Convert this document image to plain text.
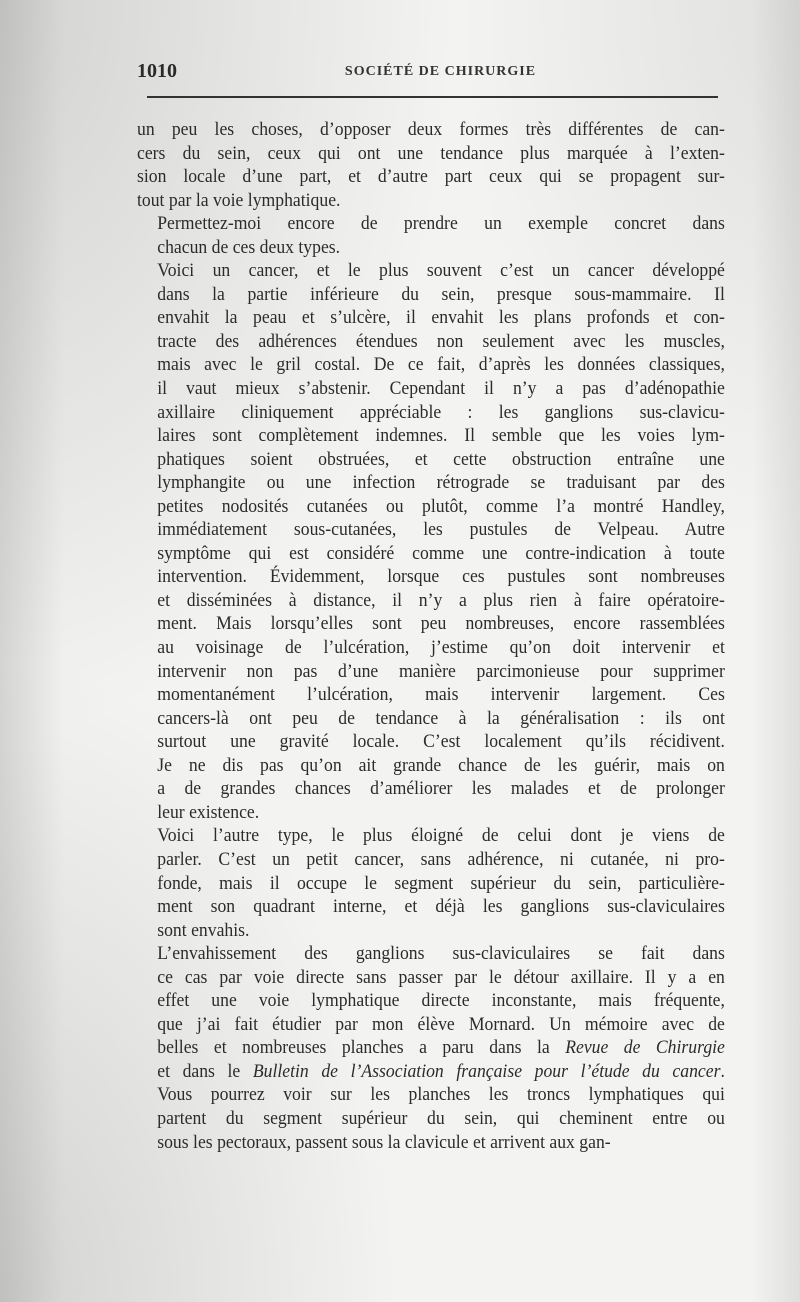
1010	SOCIÉTÉ DE CHIRURGIE

un peu les choses, d’opposer deux formes très différentes de can-
cers du sein, ceux qui ont une tendance plus marquée à l’exten-
sion locale d’une part, et d’autre part ceux qui se propagent sur-
tout par la voie lymphatique.

Permettez-moi encore de prendre un exemple concret dans
chacun de ces deux types.

Voici un cancer, et le plus souvent c’est un cancer développé
dans la partie inférieure du sein, presque sous-mammaire. Il
envahit la peau et s’ulcère, il envahit les plans profonds et con-
tracte des adhérences étendues non seulement avec les muscles,
mais avec le gril costal. De ce fait, d’après les données classiques,
il vaut mieux s’abstenir. Cependant il n’y a pas d’adénopathie
axillaire cliniquement appréciable : les ganglions sus-clavicu-
laires sont complètement indemnes. Il semble que les voies lym-
phatiques soient obstruées, et cette obstruction entraîne une
lymphangite ou une infection rétrograde se traduisant par des
petites nodosités cutanées ou plutôt, comme l’a montré Handley,
immédiatement sous-cutanées, les pustules de Velpeau. Autre
symptôme qui est considéré comme une contre-indication à toute
intervention. Évidemment, lorsque ces pustules sont nombreuses
et disséminées à distance, il n’y a plus rien à faire opératoire-
ment. Mais lorsqu’elles sont peu nombreuses, encore rassemblées
au voisinage de l’ulcération, j’estime qu’on doit intervenir et
intervenir non pas d’une manière parcimonieuse pour supprimer
momentanément l’ulcération, mais intervenir largement. Ces
cancers-là ont peu de tendance à la généralisation : ils ont
surtout une gravité locale. C’est localement qu’ils récidivent.
Je ne dis pas qu’on ait grande chance de les guérir, mais on
a de grandes chances d’améliorer les malades et de prolonger
leur existence.

Voici l’autre type, le plus éloigné de celui dont je viens de
parler. C’est un petit cancer, sans adhérence, ni cutanée, ni pro-
fonde, mais il occupe le segment supérieur du sein, particulière-
ment son quadrant interne, et déjà les ganglions sus-claviculaires
sont envahis.

L’envahissement des ganglions sus-claviculaires se fait dans
ce cas par voie directe sans passer par le détour axillaire. Il y a en
effet une voie lymphatique directe inconstante, mais fréquente,
que j’ai fait étudier par mon élève Mornard. Un mémoire avec de
belles et nombreuses planches a paru dans la Revue de Chirurgie
et dans le Bulletin de l’Association française pour l’étude du cancer.
Vous pourrez voir sur les planches les troncs lymphatiques qui
partent du segment supérieur du sein, qui cheminent entre ou
sous les pectoraux, passent sous la clavicule et arrivent aux gan-
